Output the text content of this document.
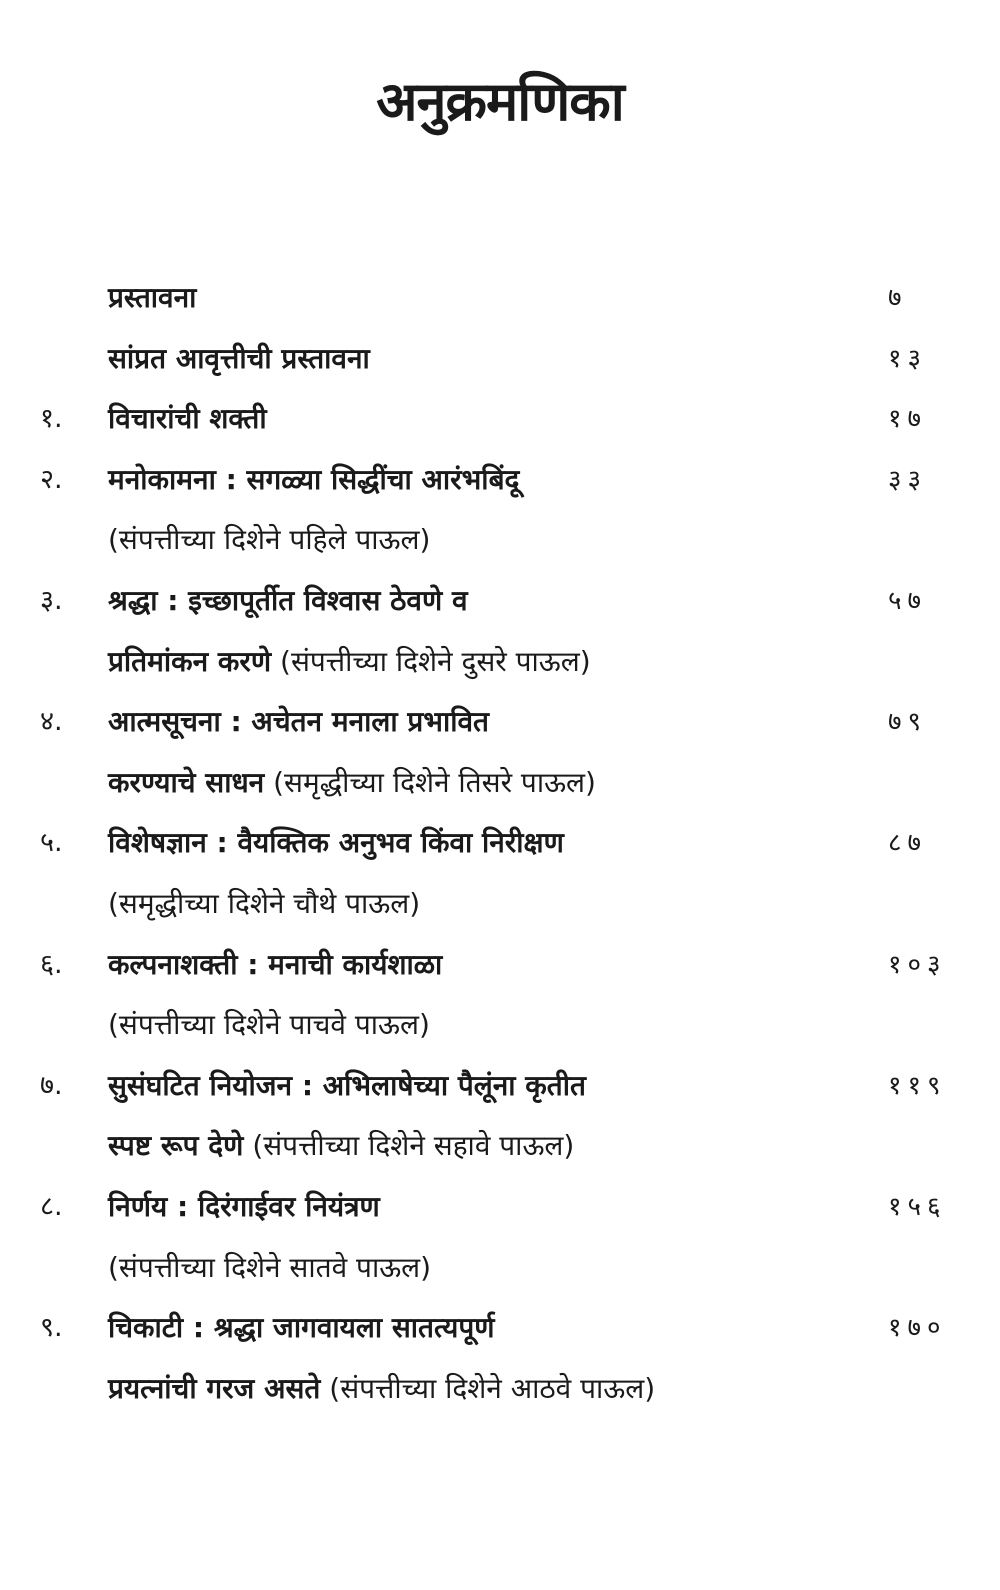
अनुक्रमणिका
प्रस्तावना	७
सांप्रत आवृत्तीची प्रस्तावना	१३
१. विचारांची शक्ती	१७
२. मनोकामना : सगळ्या सिद्धींचा आरंभबिंदू	३३
(संपत्तीच्या दिशेने पहिले पाऊल)
३. श्रद्धा : इच्छापूर्तीत विश्वास ठेवणे व	५७
प्रतिमांकन करणे (संपत्तीच्या दिशेने दुसरे पाऊल)
४. आत्मसूचना : अचेतन मनाला प्रभावित	७९
करण्याचे साधन (समृद्धीच्या दिशेने तिसरे पाऊल)
५. विशेषज्ञान : वैयक्तिक अनुभव किंवा निरीक्षण	८७
(समृद्धीच्या दिशेने चौथे पाऊल)
६. कल्पनाशक्ती : मनाची कार्यशाळा	१०३
(संपत्तीच्या दिशेने पाचवे पाऊल)
७. सुसंघटित नियोजन : अभिलाषेच्या पैलूंना कृतीत	११९
स्पष्ट रूप देणे (संपत्तीच्या दिशेने सहावे पाऊल)
८. निर्णय : दिरंगाईवर नियंत्रण	१५६
(संपत्तीच्या दिशेने सातवे पाऊल)
९. चिकाटी : श्रद्धा जागवायला सातत्यपूर्ण	१७०
प्रयत्नांची गरज असते (संपत्तीच्या दिशेने आठवे पाऊल)
